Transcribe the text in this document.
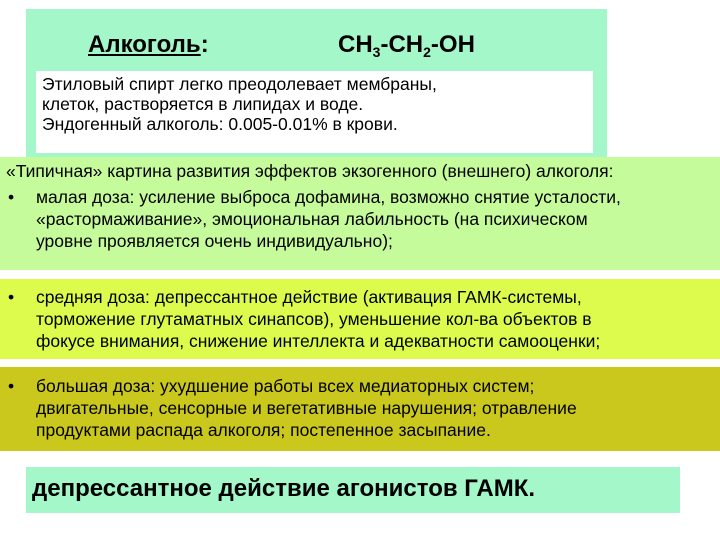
Алкоголь:	$CH_3-CH_2-OH$
Этиловый спирт легко преодолевает мембраны,
клеток, растворяется в липидах и воде.
Эндогенный алкоголь: 0.005-0.01% в крови.
«Типичная» картина развития эффектов экзогенного (внешнего) алкоголя:
•	малая доза: усиление выброса дофамина, возможно снятие усталости,
«растормаживание», эмоциональная лабильность (на психическом
уровне проявляется очень индивидуально);
•	средняя доза: депрессантное действие (активация ГАМК-системы,
торможение глутаматных синапсов), уменьшение кол-ва объектов в
фокусе внимания, снижение интеллекта и адекватности самооценки;
•	большая доза: ухудшение работы всех медиаторных систем;
двигательные, сенсорные и вегетативные нарушения; отравление
продуктами распада алкоголя; постепенное засыпание.
депрессантное действие агонистов ГАМК.
